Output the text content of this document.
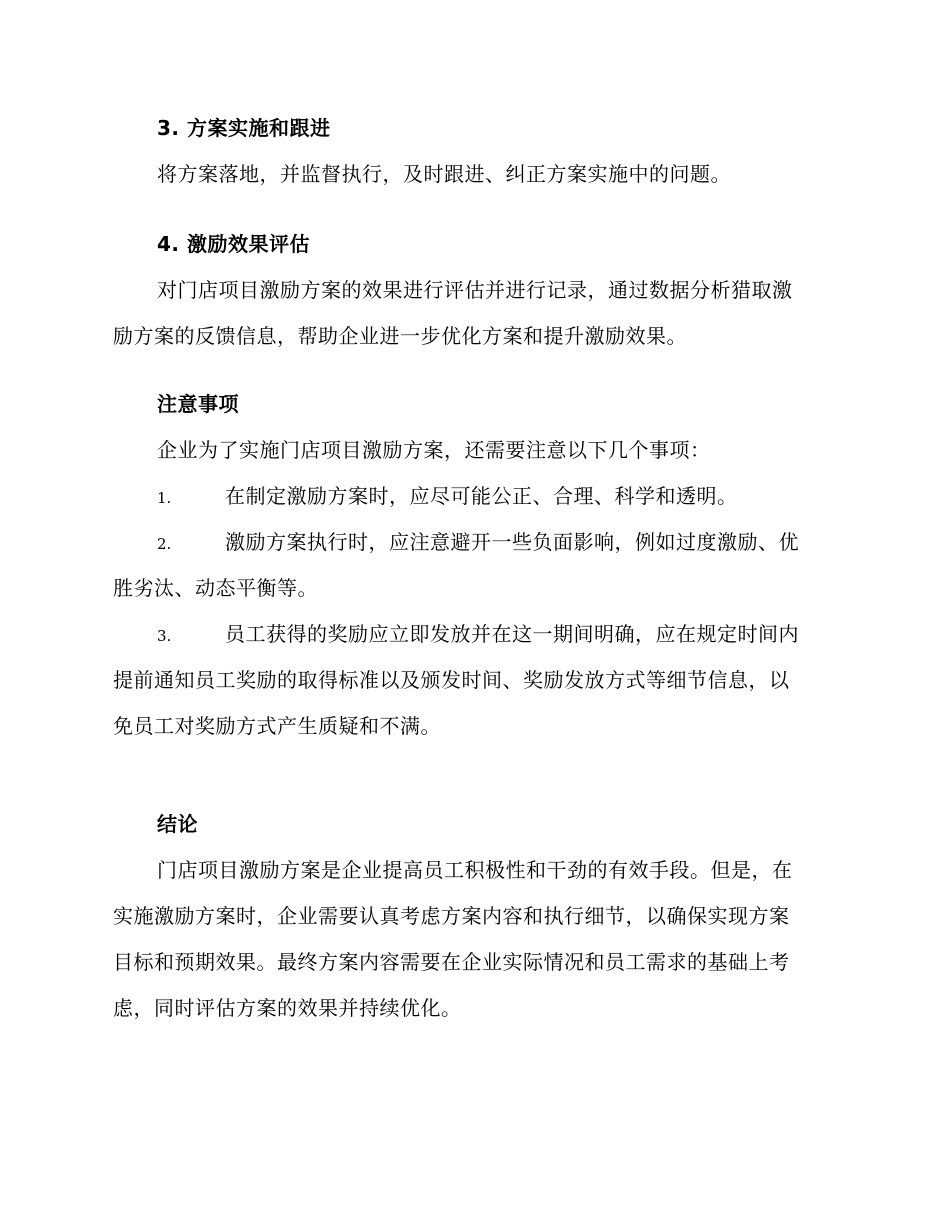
3. 方案实施和跟进
将方案落地，并监督执行，及时跟进、纠正方案实施中的问题。
4. 激励效果评估
对门店项目激励方案的效果进行评估并进行记录，通过数据分析猎取激
励方案的反馈信息，帮助企业进一步优化方案和提升激励效果。
注意事项
企业为了实施门店项目激励方案，还需要注意以下几个事项：
1.	在制定激励方案时，应尽可能公正、合理、科学和透明。
2.	激励方案执行时，应注意避开一些负面影响，例如过度激励、优
胜劣汰、动态平衡等。
3.	员工获得的奖励应立即发放并在这一期间明确，应在规定时间内
提前通知员工奖励的取得标准以及颁发时间、奖励发放方式等细节信息，以
免员工对奖励方式产生质疑和不满。
结论
门店项目激励方案是企业提高员工积极性和干劲的有效手段。但是，在
实施激励方案时，企业需要认真考虑方案内容和执行细节，以确保实现方案
目标和预期效果。最终方案内容需要在企业实际情况和员工需求的基础上考
虑，同时评估方案的效果并持续优化。
